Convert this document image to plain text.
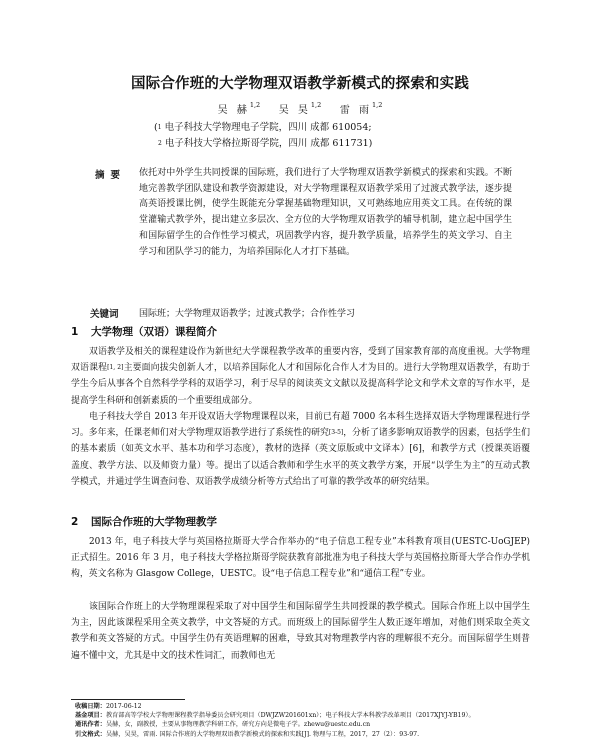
国际合作班的大学物理双语教学新模式的探索和实践
吴 赫$^{1,2}$ 吴 昊$^{1,2}$ 雷 雨$^{1,2}$
($^1$ 电子科技大学物理电子学院，四川 成都 610054;
$^2$ 电子科技大学格拉斯哥学院，四川 成都 611731)
摘要	依托对中外学生共同授课的国际班，我们进行了大学物理双语教学新模式的探索和实践。不断地完善教学团队建设和教学资源建设，对大学物理课程双语教学采用了过渡式教学法，逐步提高英语授课比例，使学生既能充分掌握基础物理知识，又可熟练地应用英文工具。在传统的课堂灌输式教学外，提出建立多层次、全方位的大学物理双语教学的辅导机制，建立起中国学生和国际留学生的合作性学习模式，巩固教学内容，提升教学质量，培养学生的英文学习、自主学习和团队学习的能力，为培养国际化人才打下基础。
关键词 国际班；大学物理双语教学；过渡式教学；合作性学习
1 大学物理（双语）课程简介
双语教学及相关的课程建设作为新世纪大学课程教学改革的重要内容，受到了国家教育部的高度重视。大学物理双语课程[1, 2]主要面向拔尖创新人才，以培养国际化人才和国际化合作人才为目的。进行大学物理双语教学，有助于学生今后从事各个自然科学学科的双语学习，利于尽早的阅读英文文献以及提高科学论文和学术文章的写作水平，是提高学生科研和创新素质的一个重要组成部分。
电子科技大学自 2013 年开设双语大学物理课程以来，目前已有超 7000 名本科生选择双语大学物理课程进行学习。多年来，任课老师们对大学物理双语教学进行了系统性的研究[3-5]，分析了诸多影响双语教学的因素，包括学生们的基本素质（如英文水平、基本功和学习态度），教材的选择（英文原版或中文译本）[6]，和教学方式（授课英语覆盖度、教学方法、以及师资力量）等。提出了以适合教师和学生水平的英文教学方案，开展“以学生为主”的互动式教学模式，并通过学生调查问卷、双语教学成绩分析等方式给出了可靠的教学改革的研究结果。
2 国际合作班的大学物理教学
2013 年，电子科技大学与英国格拉斯哥大学合作举办的“电子信息工程专业”本科教育项目(UESTC-UoGJEP)正式招生。2016 年 3 月，电子科技大学格拉斯哥学院获教育部批准为电子科技大学与英国格拉斯哥大学合作办学机构，英文名称为 Glasgow College，UESTC。设“电子信息工程专业”和“通信工程”专业。
该国际合作班上的大学物理课程采取了对中国学生和国际留学生共同授课的教学模式。国际合作班上以中国学生为主，因此该课程采用全英文教学，中文答疑的方式。而班级上的国际留学生人数正逐年增加，对他们则采取全英文教学和英文答疑的方式。中国学生仍有英语理解的困难，导致其对物理教学内容的理解很不充分。而国际留学生则普遍不懂中文，尤其是中文的技术性词汇，而教师也无
收稿日期：2017-06-12
基金项目：教育部高等学校大学物理课程教学指导委员会研究项目（DWJZW201601xn）；电子科技大学本科教学改革项目（2017XJYJ-YB19）。
通讯作者：吴赫，女，副教授，主要从事物理教学科研工作，研究方向是微电子学。zhewu@uestc.edu.cn
引文格式：吴赫，吴昊，雷雨. 国际合作班的大学物理双语教学新模式的探索和实践[J]. 物理与工程，2017，27（2）：93-97.
